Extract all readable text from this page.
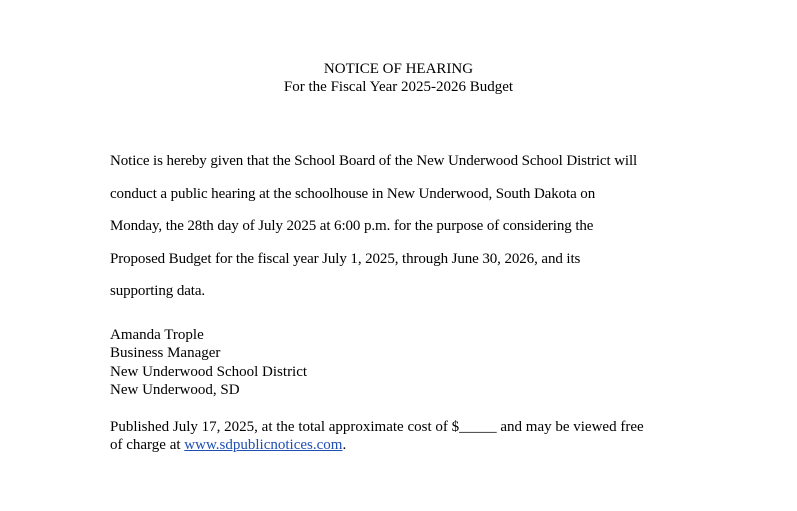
NOTICE OF HEARING
For the Fiscal Year 2025-2026 Budget
Notice is hereby given that the School Board of the New Underwood School District will
conduct a public hearing at the schoolhouse in New Underwood, South Dakota on
Monday, the 28th day of July 2025 at 6:00 p.m. for the purpose of considering the
Proposed Budget for the fiscal year July 1, 2025, through June 30, 2026, and its
supporting data.
Amanda Trople
Business Manager
New Underwood School District
New Underwood, SD
Published July 17, 2025, at the total approximate cost of $_____ and may be viewed free
of charge at www.sdpublicnotices.com.
